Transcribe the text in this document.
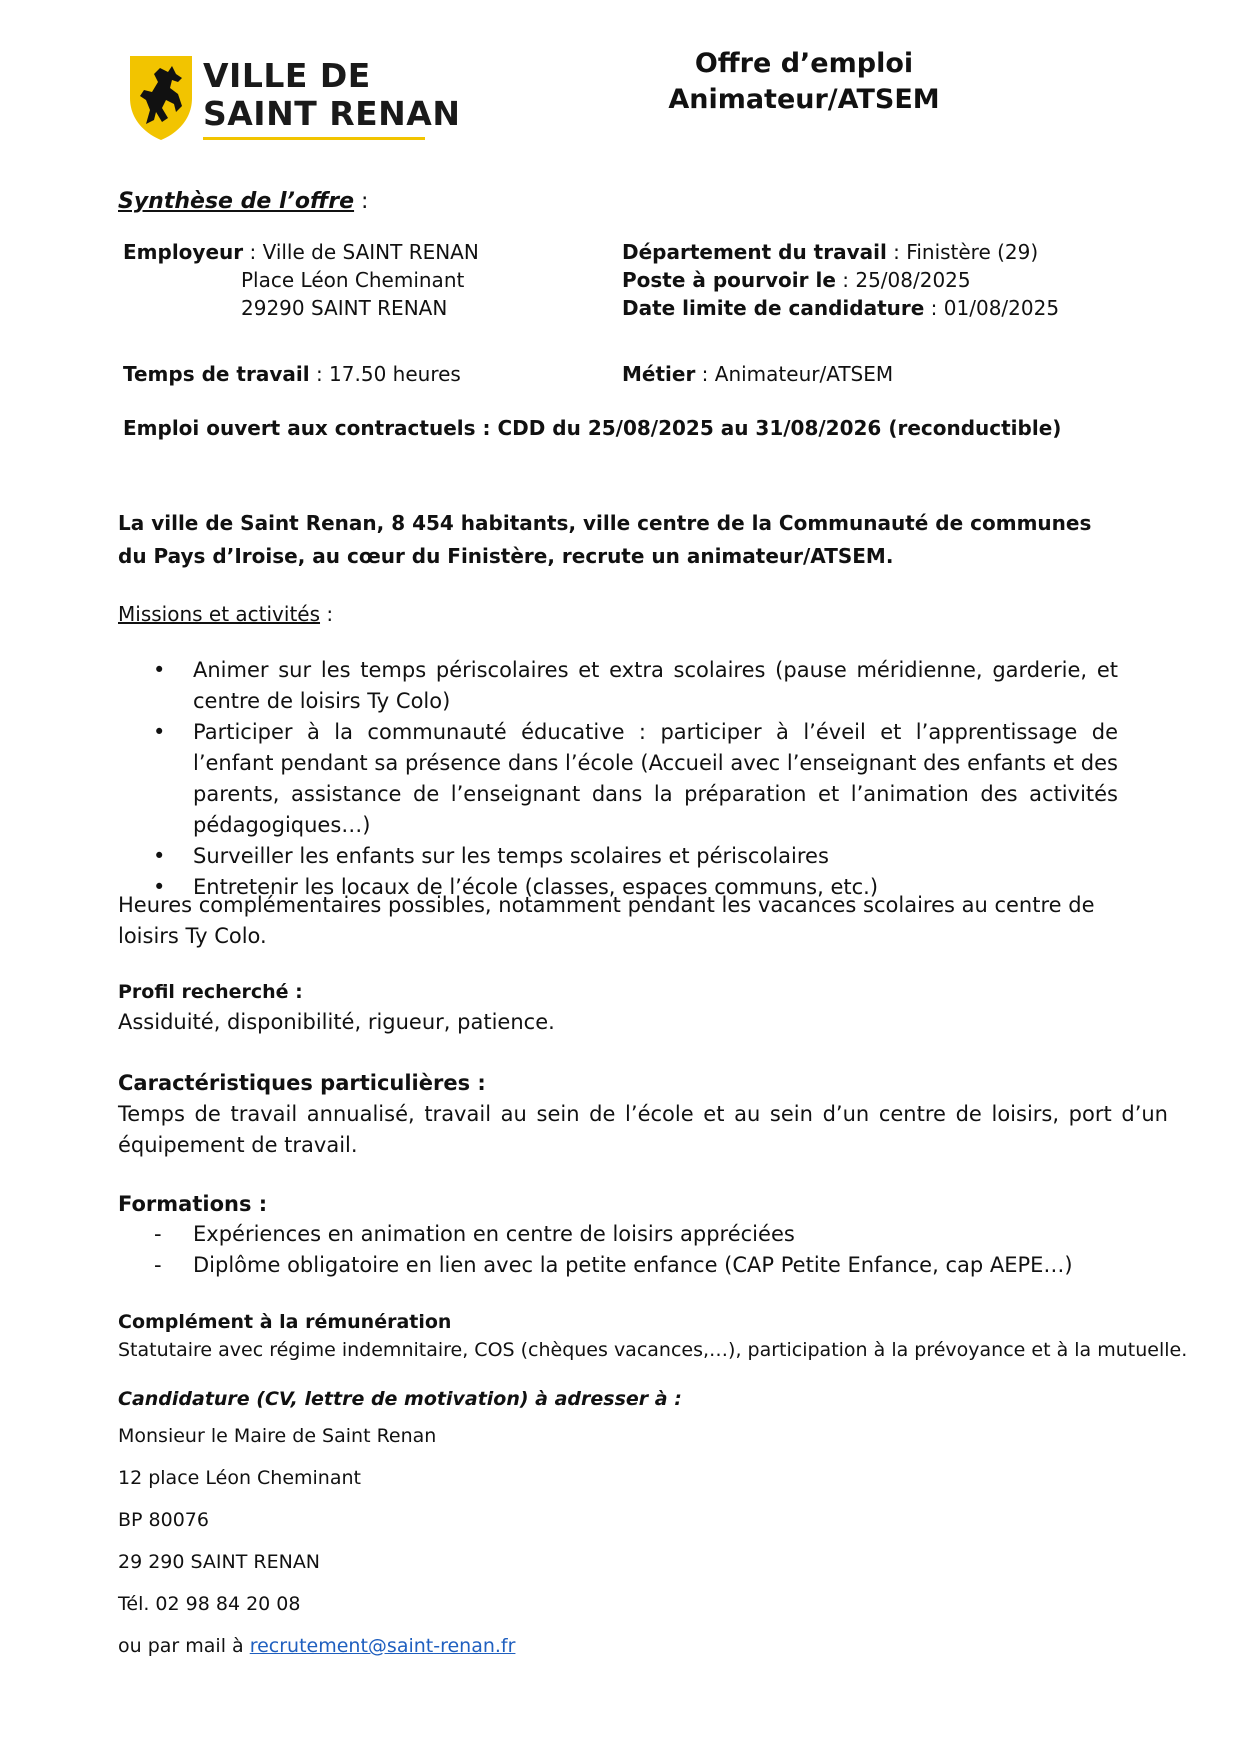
VILLE DE
SAINT RENAN
Offre d’emploi
Animateur/ATSEM
Synthèse de l’offre :
Employeur : Ville de SAINT RENAN
Place Léon Cheminant
29290 SAINT RENAN
Département du travail : Finistère (29)
Poste à pourvoir le : 25/08/2025
Date limite de candidature : 01/08/2025
Temps de travail : 17.50 heures	Métier : Animateur/ATSEM
Emploi ouvert aux contractuels : CDD du 25/08/2025 au 31/08/2026 (reconductible)
La ville de Saint Renan, 8 454 habitants, ville centre de la Communauté de communes du Pays d’Iroise, au cœur du Finistère, recrute un animateur/ATSEM.
Missions et activités :
• Animer sur les temps périscolaires et extra scolaires (pause méridienne, garderie, et centre de loisirs Ty Colo)
• Participer à la communauté éducative : participer à l’éveil et l’apprentissage de l’enfant pendant sa présence dans l’école (Accueil avec l’enseignant des enfants et des parents, assistance de l’enseignant dans la préparation et l’animation des activités pédagogiques…)
• Surveiller les enfants sur les temps scolaires et périscolaires
• Entretenir les locaux de l’école (classes, espaces communs, etc.)
Heures complémentaires possibles, notamment pendant les vacances scolaires au centre de loisirs Ty Colo.
Profil recherché :
Assiduité, disponibilité, rigueur, patience.
Caractéristiques particulières :
Temps de travail annualisé, travail au sein de l’école et au sein d’un centre de loisirs, port d’un équipement de travail.
Formations :
- Expériences en animation en centre de loisirs appréciées
- Diplôme obligatoire en lien avec la petite enfance (CAP Petite Enfance, cap AEPE…)
Complément à la rémunération
Statutaire avec régime indemnitaire, COS (chèques vacances,…), participation à la prévoyance et à la mutuelle.
Candidature (CV, lettre de motivation) à adresser à :
Monsieur le Maire de Saint Renan
12 place Léon Cheminant
BP 80076
29 290 SAINT RENAN
Tél. 02 98 84 20 08
ou par mail à recrutement@saint-renan.fr
